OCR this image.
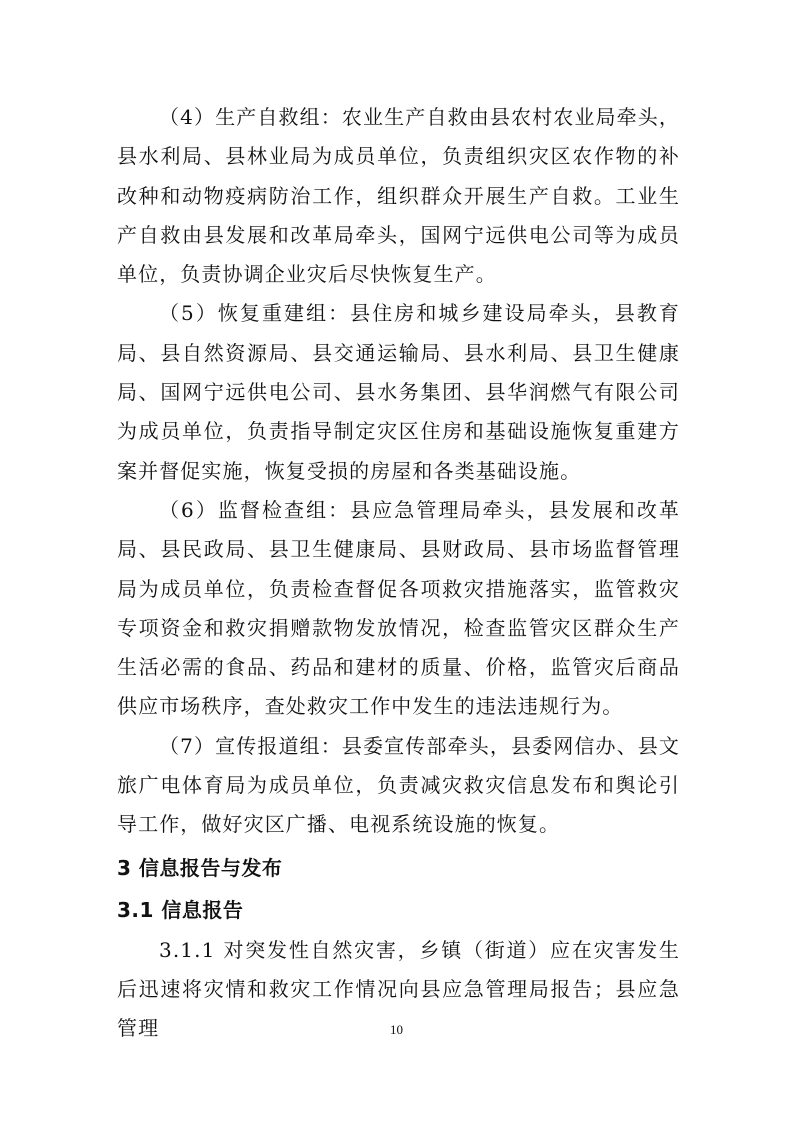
（4）生产自救组：农业生产自救由县农村农业局牵头，县水利局、县林业局为成员单位，负责组织灾区农作物的补改种和动物疫病防治工作，组织群众开展生产自救。工业生产自救由县发展和改革局牵头，国网宁远供电公司等为成员单位，负责协调企业灾后尽快恢复生产。

（5）恢复重建组：县住房和城乡建设局牵头，县教育局、县自然资源局、县交通运输局、县水利局、县卫生健康局、国网宁远供电公司、县水务集团、县华润燃气有限公司为成员单位，负责指导制定灾区住房和基础设施恢复重建方案并督促实施，恢复受损的房屋和各类基础设施。

（6）监督检查组：县应急管理局牵头，县发展和改革局、县民政局、县卫生健康局、县财政局、县市场监督管理局为成员单位，负责检查督促各项救灾措施落实，监管救灾专项资金和救灾捐赠款物发放情况，检查监管灾区群众生产生活必需的食品、药品和建材的质量、价格，监管灾后商品供应市场秩序，查处救灾工作中发生的违法违规行为。

（7）宣传报道组：县委宣传部牵头，县委网信办、县文旅广电体育局为成员单位，负责减灾救灾信息发布和舆论引导工作，做好灾区广播、电视系统设施的恢复。

3 信息报告与发布
3.1 信息报告

3.1.1 对突发性自然灾害，乡镇（街道）应在灾害发生后迅速将灾情和救灾工作情况向县应急管理局报告；县应急管理	10
